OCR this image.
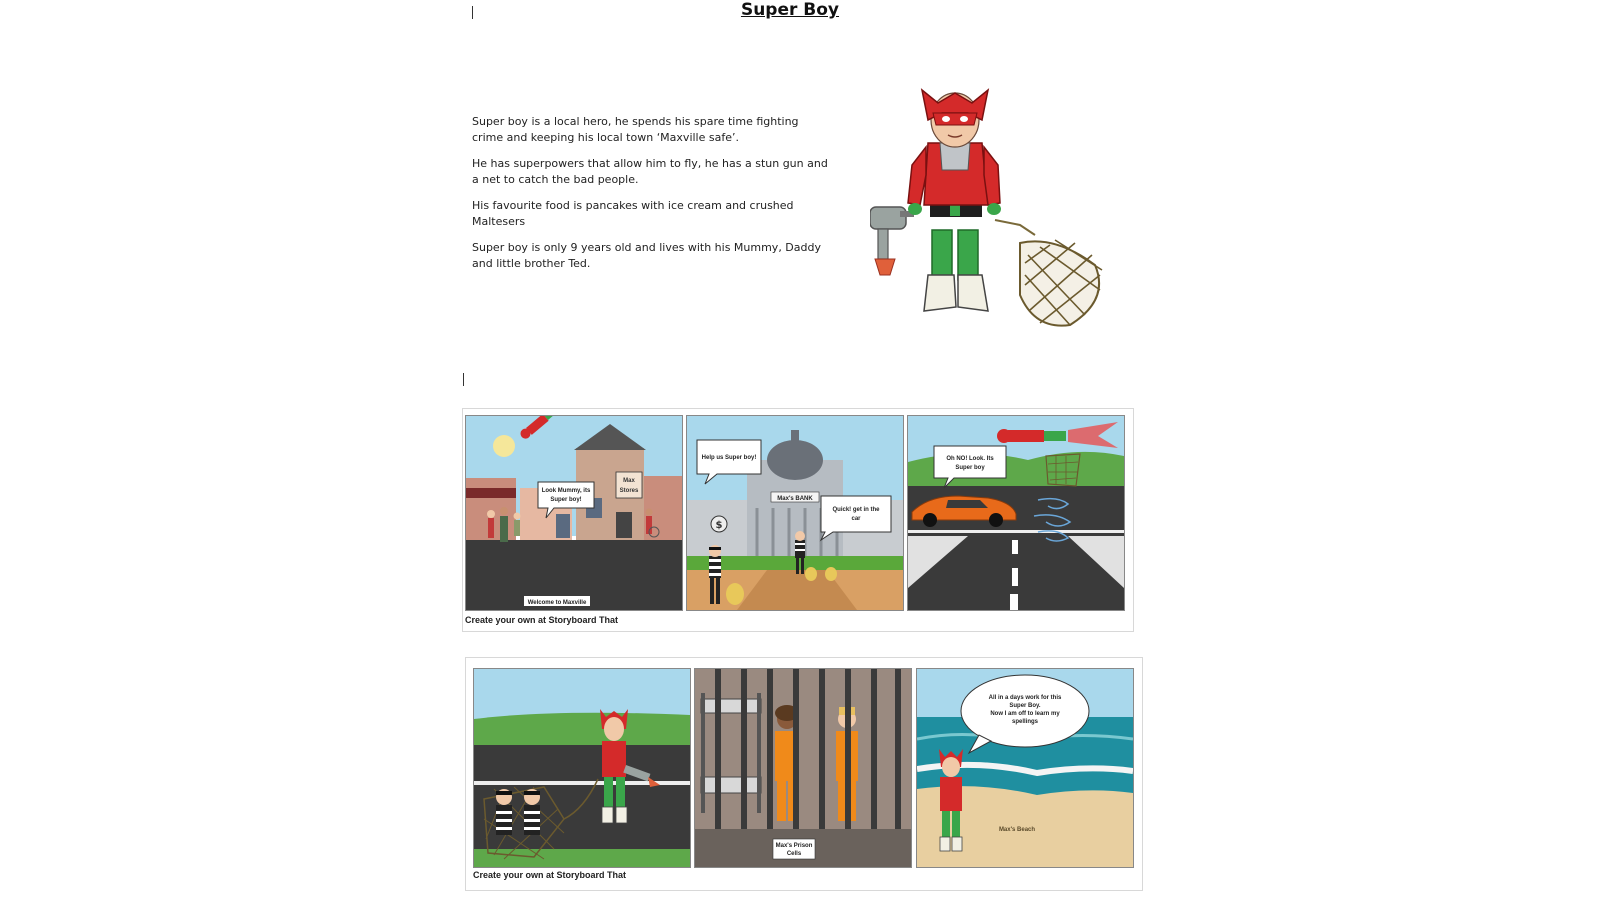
Super Boy

Super boy is a local hero, he spends his spare time fighting crime and keeping his local town ‘Maxville safe’.

He has superpowers that allow him to fly, he has a stun gun and a net to catch the bad people.

His favourite food is pancakes with ice cream and crushed Maltesers

Super boy is only 9 years old and lives with his Mummy, Daddy and little brother Ted.

Max
Stores
Look Mummy, its
Super boy!
Welcome to Maxville
Max's BANK
$
Help us Super boy!
Quick! get in the
car
Oh NO! Look. Its
Super boy
Create your own at Storyboard That
Max's Prison
Cells
All in a days work for this
Super Boy.
Now I am off to learn my
spellings
Max's Beach
Create your own at Storyboard That
